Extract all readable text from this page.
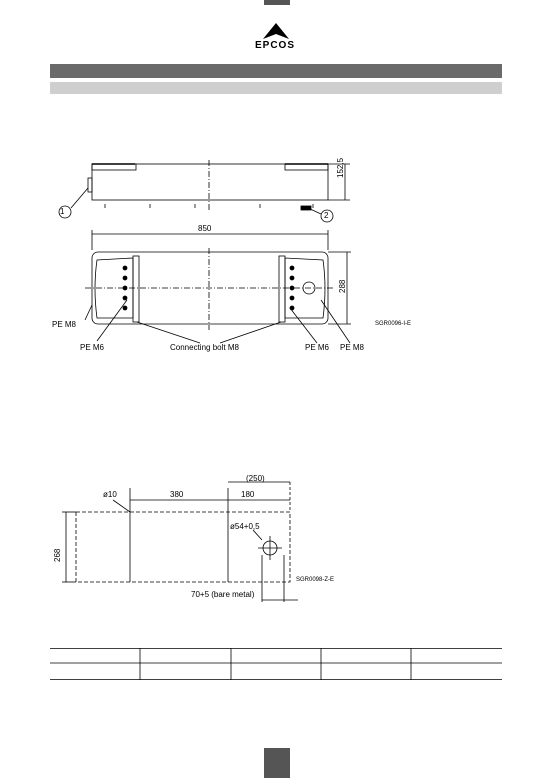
EPCOS
152,5
1	2
850
288
PE M8
PE M6	Connecting bolt M8	PE M6 PE M8
SGR0096-I-E
(250)
ø10	380	180
ø54+0,5
268
70+5 (bare metal)
SGR0098-Z-E
